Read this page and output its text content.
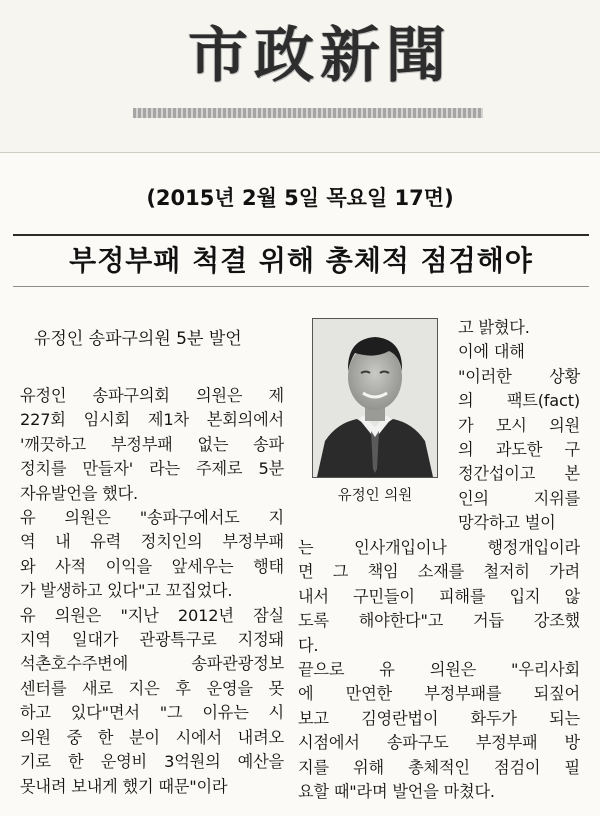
市政新聞
(2015년 2월 5일 목요일 17면)
부정부패 척결 위해 총체적 점검해야
유정인 송파구의원 5분 발언
유정인 의원
유정인 송파구의회 의원은 제
227회 임시회 제1차 본회의에서
'깨끗하고 부정부패 없는 송파
정치를 만들자' 라는 주제로 5분
자유발언을 했다.
유 의원은 "송파구에서도 지
역 내 유력 정치인의 부정부패
와 사적 이익을 앞세우는 행태
가 발생하고 있다"고 꼬집었다.
유 의원은 "지난 2012년 잠실
지역 일대가 관광특구로 지정돼
석촌호수주변에 송파관광정보
센터를 새로 지은 후 운영을 못
하고 있다"면서 "그 이유는 시
의원 중 한 분이 시에서 내려오
기로 한 운영비 3억원의 예산을
못내려 보내게 했기 때문"이라
고 밝혔다.
이에 대해
"이러한 상황
의 팩트(fact)
가 모시 의원
의 과도한 구
정간섭이고 본
인의 지위를
망각하고 벌이
는 인사개입이나 행정개입이라
면 그 책임 소재를 철저히 가려
내서 구민들이 피해를 입지 않
도록 해야한다"고 거듭 강조했
다.
끝으로 유 의원은 "우리사회
에 만연한 부정부패를 되짚어
보고 김영란법이 화두가 되는
시점에서 송파구도 부정부패 방
지를 위해 총체적인 점검이 필
요할 때"라며 발언을 마쳤다.
